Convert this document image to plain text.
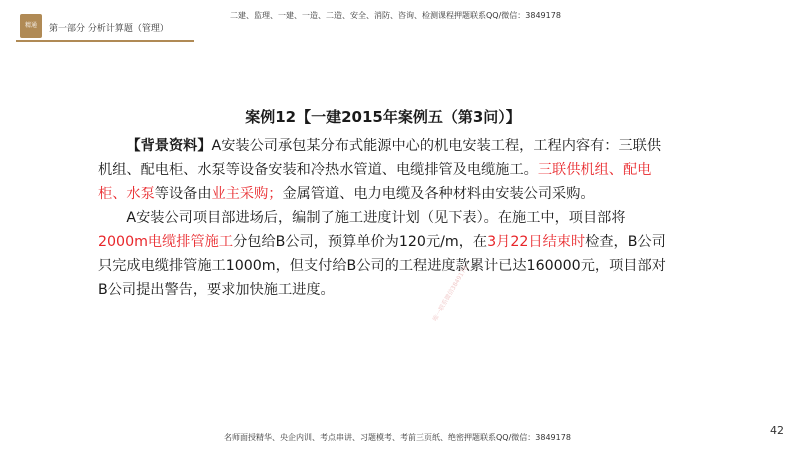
精通	第一部分 分析计算题（管理）
二建、监理、一建、一造、二造、安全、消防、咨询、检测课程押题联系QQ/微信：3849178
案例12【一建2015年案例五（第3问）】

【背景资料】A安装公司承包某分布式能源中心的机电安装工程，工程内容有：三联供机组、配电柜、水泵等设备安装和冷热水管道、电缆排管及电缆施工。三联供机组、配电柜、水泵等设备由业主采购；金属管道、电力电缆及各种材料由安装公司采购。

A安装公司项目部进场后，编制了施工进度计划（见下表）。在施工中，项目部将2000m电缆排管施工分包给B公司，预算单价为120元/m，在3月22日结束时检查，B公司只完成电缆排管施工1000m，但支付给B公司的工程进度款累计已达160000元，项目部对B公司提出警告，要求加快施工进度。	唯一联系微信3849178
42
名师面授精华、央企内训、考点串讲、习题模考、考前三页纸、绝密押题联系QQ/微信：3849178
